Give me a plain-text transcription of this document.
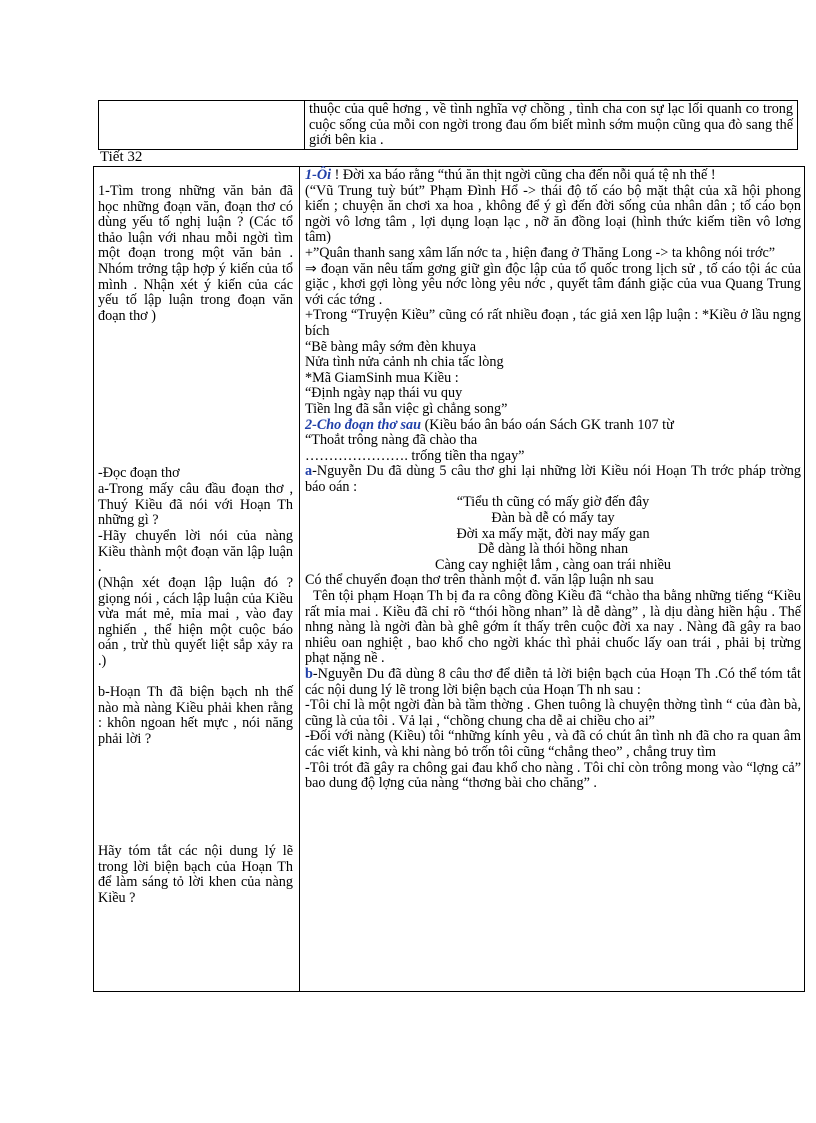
thuộc của quê hơng , về tình nghĩa vợ chồng , tình cha con sự lạc lối quanh co trong cuộc sống của mỗi con ngời trong đau ốm biết mình sớm muộn cũng qua đò sang thế giới bên kia .
Tiết 32
1-Tìm trong những văn bản đã học những đoạn văn, đoạn thơ có dùng yếu tố nghị luận ? (Các tổ thảo luận với nhau mỗi ngời tìm một đoạn trong một văn bản . Nhóm trởng tập hợp ý kiến của tổ mình . Nhận xét ý kiến của các yếu tố lập luận trong đoạn văn đoạn thơ )
-Đọc đoạn thơ
a-Trong mấy câu đầu đoạn thơ , Thuý Kiều đã nói với Hoạn Th những gì ?
-Hãy chuyển lời nói của nàng Kiều thành một đoạn văn lập luận .
(Nhận xét đoạn lập luận đó ? giọng nói , cách lập luận của Kiều vừa mát mẻ, mỉa mai , vào đay nghiến , thể hiện một cuộc báo oán , trừ thù quyết liệt sắp xảy ra .)
b-Hoạn Th đã biện bạch nh thế nào mà nàng Kiều phải khen rằng : khôn ngoan hết mực , nói năng phải lời ?
Hãy tóm tắt các nội dung lý lẽ trong lời biện bạch của Hoạn Th để làm sáng tỏ lời khen của nàng Kiều ?

1-Ôi ! Đời xa báo rằng “thú ăn thịt ngời cũng cha đến nỗi quá tệ nh thế !

(“Vũ Trung tuỳ bút” Phạm Đình Hổ -> thái độ tố cáo bộ mặt thật của xã hội phong kiến ; chuyện ăn chơi xa hoa , không để ý gì đến đời sống của nhân dân ; tố cáo bọn ngời vô lơng tâm , lợi dụng loạn lạc , nỡ ăn đồng loại (hình thức kiếm tiền vô lơng tâm)

+”Quân thanh sang xâm lấn nớc ta , hiện đang ở Thăng Long -> ta không nói trớc”

⇒ đoạn văn nêu tấm gơng giữ gìn độc lập của tổ quốc trong lịch sử , tố cáo tội ác của giặc , khơi gợi lòng yêu nớc lòng yêu nớc , quyết tâm đánh giặc của vua Quang Trung với các tớng .

+Trong “Truyện Kiều” cũng có rất nhiều đoạn , tác giả xen lập luận : *Kiều ở lầu ngng bích

“Bẽ bàng mây sớm đèn khuya

Nửa tình nửa cảnh nh chia tấc lòng

*Mã GiamSinh mua Kiều :

“Định ngày nạp thái vu quy

Tiền lng đã sẵn việc gì chẳng song”

2-Cho đoạn thơ sau (Kiều báo ân báo oán Sách GK tranh 107 từ

“Thoắt trông nàng đã chào tha

…………………. trống tiền tha ngay”

a-Nguyễn Du đã dùng 5 câu thơ ghi lại những lời Kiều nói Hoạn Th trớc pháp trờng báo oán :

“Tiểu th cũng có mấy giờ đến đây

Đàn bà dễ có mấy tay

Đời xa mấy mặt, đời nay mấy gan

Dễ dàng là thói hồng nhan

Càng cay nghiệt lắm , càng oan trái nhiều

Có thể chuyển đoạn thơ trên thành một đ. văn lập luận nh sau

Tên tội phạm Hoạn Th bị đa ra công đồng Kiều đã “chào tha bằng những tiếng “Kiều rất mỉa mai . Kiều đã chỉ rõ “thói hồng nhan” là dễ dàng” , là dịu dàng hiền hậu . Thế nhng nàng là ngời đàn bà ghê gớm ít thấy trên cuộc đời xa nay . Nàng đã gây ra bao nhiêu oan nghiệt , bao khổ cho ngời khác thì phải chuốc lấy oan trái , phải bị trừng phạt nặng nề .

b-Nguyễn Du đã dùng 8 câu thơ để diễn tả lời biện bạch của Hoạn Th .Có thể tóm tắt các nội dung lý lẽ trong lời biện bạch của Hoạn Th nh sau :

-Tôi chỉ là một ngời đàn bà tầm thờng . Ghen tuông là chuyện thờng tình “ của đàn bà, cũng là của tôi . Vả lại , “chồng chung cha dễ ai chiều cho ai”

-Đối với nàng (Kiều) tôi “những kính yêu , và đã có chút ân tình nh đã cho ra quan âm các viết kinh, và khi nàng bỏ trốn tôi cũng “chẳng theo” , chẳng truy tìm

-Tôi trót đã gây ra chông gai đau khổ cho nàng . Tôi chỉ còn trông mong vào “lợng cả” bao dung độ lợng của nàng “thơng bài cho chăng” .
